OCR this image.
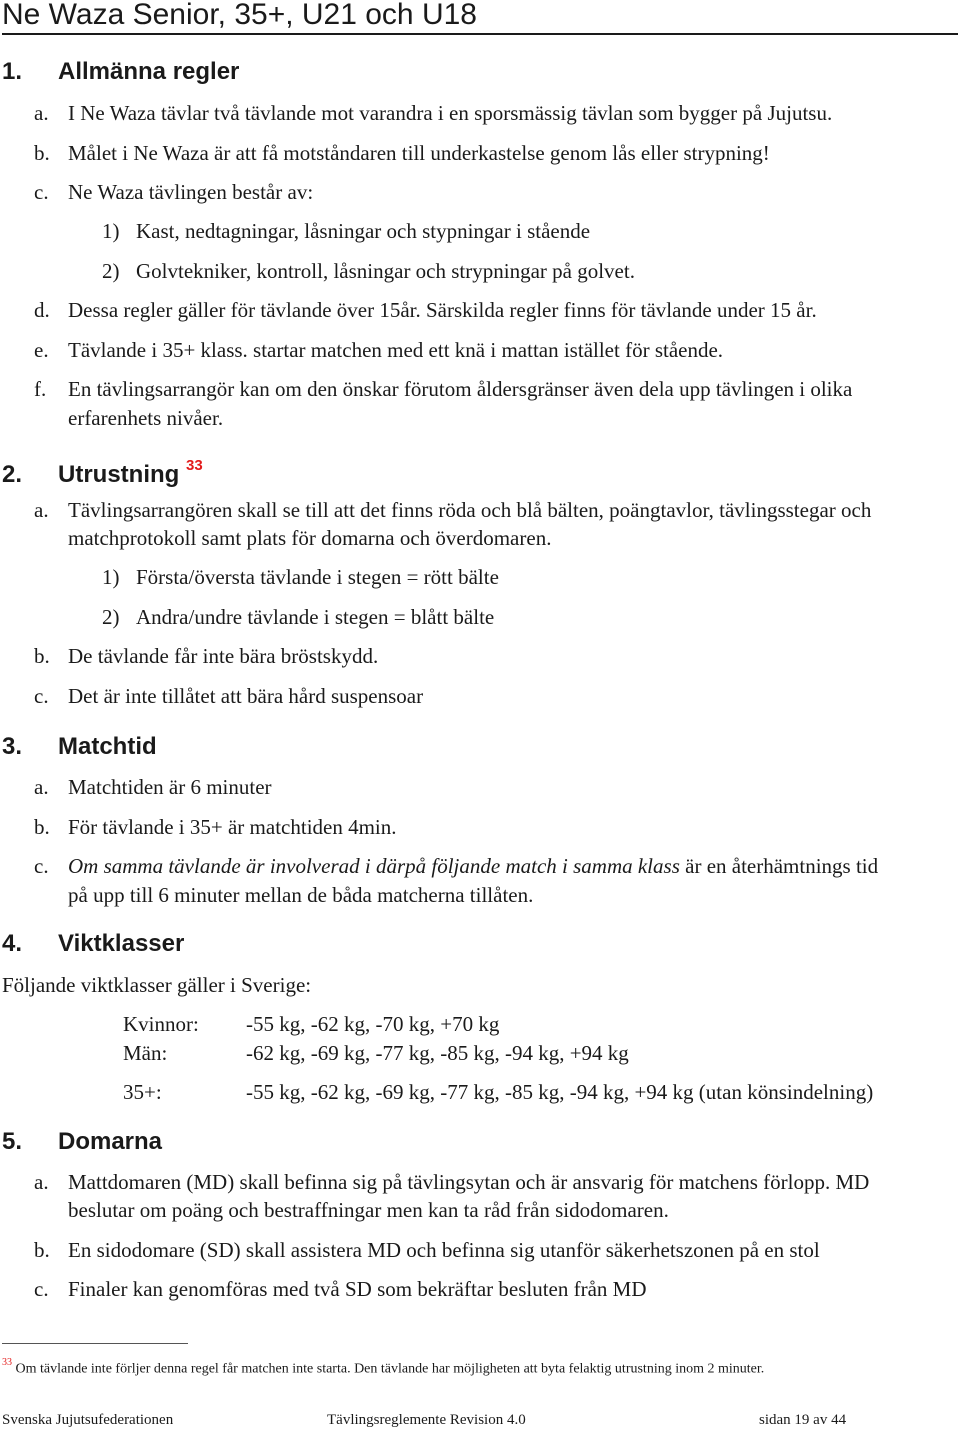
Ne Waza Senior, 35+, U21 och U18
1. Allmänna regler
a. I Ne Waza tävlar två tävlande mot varandra i en sporsmässig tävlan som bygger på Jujutsu.
b. Målet i Ne Waza är att få motståndaren till underkastelse genom lås eller strypning!
c. Ne Waza tävlingen består av:
1) Kast, nedtagningar, låsningar och stypningar i stående
2) Golvtekniker, kontroll, låsningar och strypningar på golvet.
d. Dessa regler gäller för tävlande över 15år. Särskilda regler finns för tävlande under 15 år.
e. Tävlande i 35+ klass. startar matchen med ett knä i mattan istället för stående.
f. En tävlingsarrangör kan om den önskar förutom åldersgränser även dela upp tävlingen i olika
erfarenhets nivåer.
2. Utrustning $^{33}$
a. Tävlingsarrangören skall se till att det finns röda och blå bälten, poängtavlor, tävlingsstegar och
matchprotokoll samt plats för domarna och överdomaren.
1) Första/översta tävlande i stegen = rött bälte
2) Andra/undre tävlande i stegen = blått bälte
b. De tävlande får inte bära bröstskydd.
c. Det är inte tillåtet att bära hård suspensoar
3. Matchtid
a. Matchtiden är 6 minuter
b. För tävlande i 35+ är matchtiden 4min.
c. Om samma tävlande är involverad i därpå följande match i samma klass är en återhämtnings tid
på upp till 6 minuter mellan de båda matcherna tillåten.
4. Viktklasser
Följande viktklasser gäller i Sverige:
Kvinnor: -55 kg, -62 kg, -70 kg, +70 kg
Män:	-62 kg, -69 kg, -77 kg, -85 kg, -94 kg, +94 kg
35+:	-55 kg, -62 kg, -69 kg, -77 kg, -85 kg, -94 kg, +94 kg (utan könsindelning)
5. Domarna
a. Mattdomaren (MD) skall befinna sig på tävlingsytan och är ansvarig för matchens förlopp. MD
beslutar om poäng och bestraffningar men kan ta råd från sidodomaren.
b. En sidodomare (SD) skall assistera MD och befinna sig utanför säkerhetszonen på en stol
c. Finaler kan genomföras med två SD som bekräftar besluten från MD
$^{33}$ Om tävlande inte förljer denna regel får matchen inte starta. Den tävlande har möjligheten att byta felaktig utrustning inom 2 minuter.
Svenska Jujutsufederationen	Tävlingsreglemente Revision 4.0	sidan 19 av 44
